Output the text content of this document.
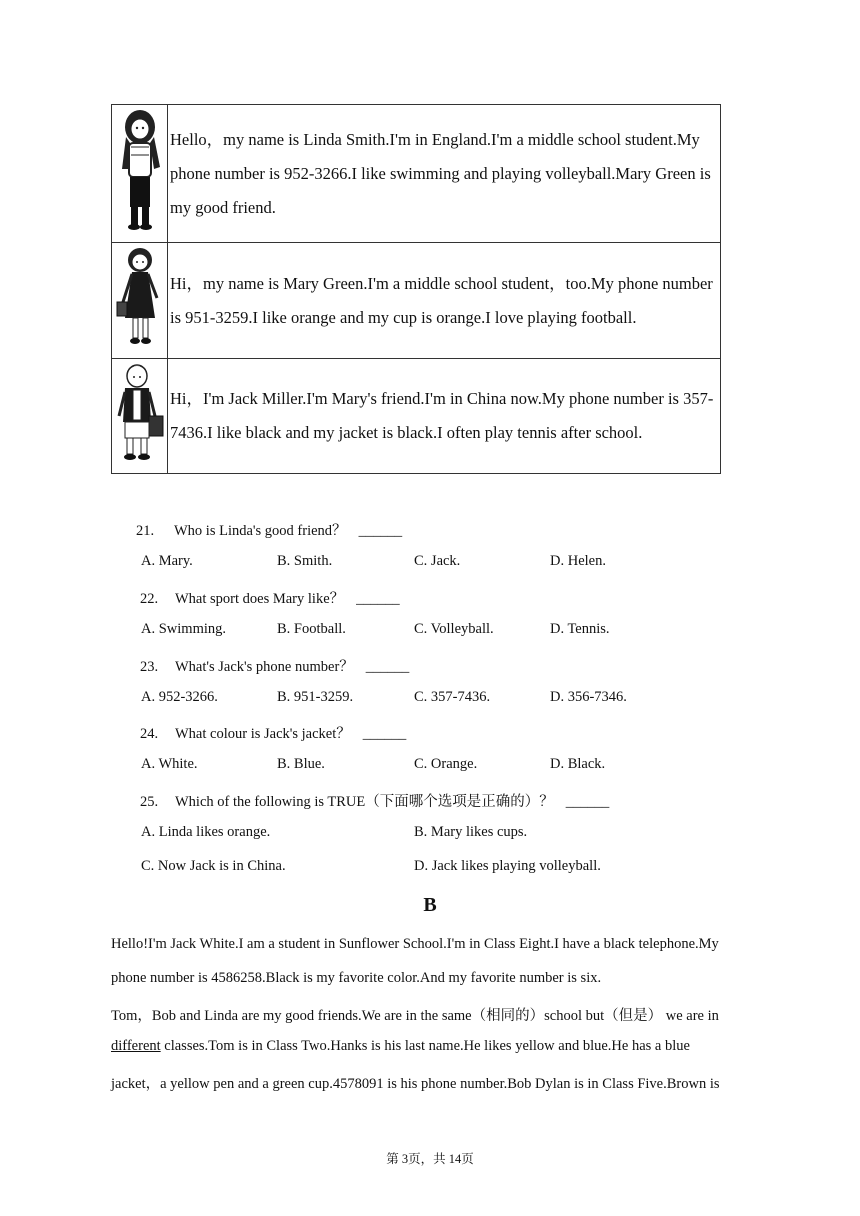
	Hello，my name is Linda Smith.I'm in England.I'm a middle school student.My phone number is 952-3266.I like swimming and playing volleyball.Mary Green is my good friend.
	Hi，my name is Mary Green.I'm a middle school student，too.My phone number is 951-3259.I like orange and my cup is orange.I love playing football.
	Hi，I'm Jack Miller.I'm Mary's friend.I'm in China now.My phone number is 357-7436.I like black and my jacket is black.I often play tennis after school.
21. Who is Linda's good friend？ ______
A. Mary.	B. Smith.	C. Jack.	D. Helen.
22. What sport does Mary like？ ______
A. Swimming.	B. Football.	C. Volleyball.	D. Tennis.
23. What's Jack's phone number？ ______
A. 952-3266.	B. 951-3259.	C. 357-7436.	D. 356-7346.
24. What colour is Jack's jacket？ ______
A. White.	B. Blue.	C. Orange.	D. Black.
25. Which of the following is TRUE（下面哪个选项是正确的）？ ______
A. Linda likes orange.	B. Mary likes cups.
C. Now Jack is in China.	D. Jack likes playing volleyball.
B
Hello!I'm Jack White.I am a student in Sunflower School.I'm in Class Eight.I have a black telephone.My
phone number is 4586258.Black is my favorite color.And my favorite number is six.
Tom，Bob and Linda are my good friends.We are in the same（相同的）school but（但是） we are in
different classes.Tom is in Class Two.Hanks is his last name.He likes yellow and blue.He has a blue
jacket，a yellow pen and a green cup.4578091 is his phone number.Bob Dylan is in Class Five.Brown is
第 3页，共 14页
